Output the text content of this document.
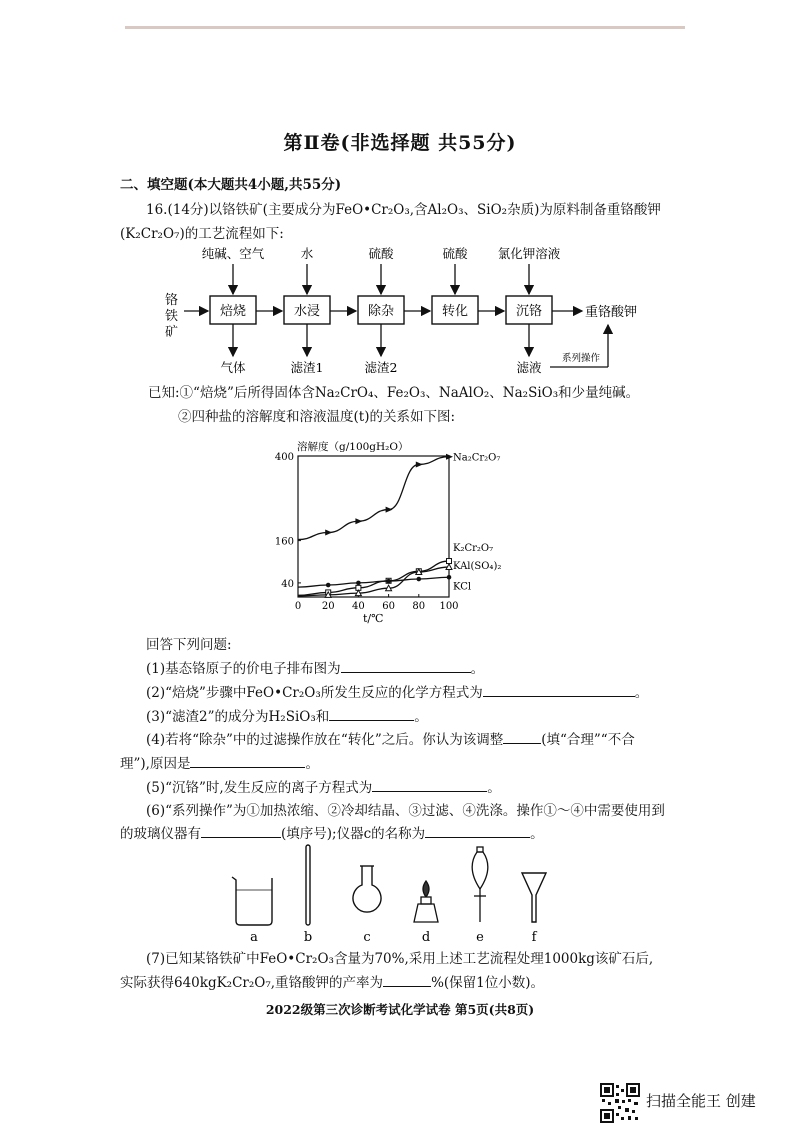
第Ⅱ卷(非选择题 共55分)
二、填空题(本大题共4小题,共55分)
16.(14分)以铬铁矿(主要成分为FeO•Cr₂O₃,含Al₂O₃、SiO₂杂质)为原料制备重铬酸钾
(K₂Cr₂O₇)的工艺流程如下:
铬
铁
矿
焙烧	水浸	除杂	转化	沉铬	重铬酸钾
纯碱、空气	水	硫酸	硫酸 氯化钾溶液
气体	滤渣1	滤渣2	滤液
系列操作
已知:①“焙烧”后所得固体含Na₂CrO₄、Fe₂O₃、NaAlO₂、Na₂SiO₃和少量纯碱。
②四种盐的溶解度和溶液温度(t)的关系如下图:
溶解度（g/100gH₂O）
t/℃
0 20 40 60 80 100
40
160
400	Na₂Cr₂O₇
K₂Cr₂O₇
KAl(SO₄)₂
KCl
回答下列问题:
(1)基态铬原子的价电子排布图为	。
(2)“焙烧”步骤中FeO•Cr₂O₃所发生反应的化学方程式为	。
(3)“滤渣2”的成分为H₂SiO₃和	。
(4)若将“除杂”中的过滤操作放在“转化”之后。你认为该调整	(填“合理”“不合
理”),原因是	。
(5)“沉铬”时,发生反应的离子方程式为	。
(6)“系列操作”为①加热浓缩、②冷却结晶、③过滤、④洗涤。操作①～④中需要使用到
的玻璃仪器有	(填序号);仪器c的名称为	。
a	b	c	d	e	f
(7)已知某铬铁矿中FeO•Cr₂O₃含量为70%,采用上述工艺流程处理1000kg该矿石后,
实际获得640kgK₂Cr₂O₇,重铬酸钾的产率为	%(保留1位小数)。
2022级第三次诊断考试化学试卷 第5页(共8页)
扫描全能王 创建
